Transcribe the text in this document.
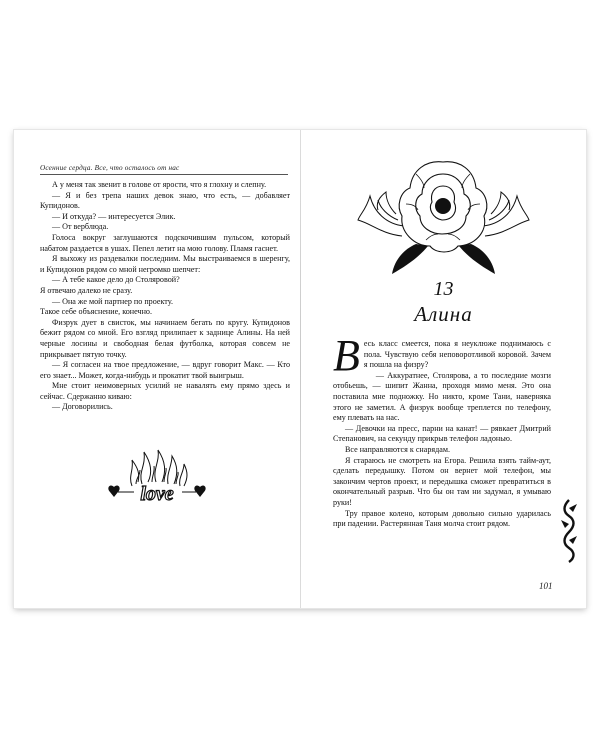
Осенние сердца. Все, что осталось от нас

А у меня так звенит в голове от ярости, что я глохну и слепну.

— Я и без трепа наших девок знаю, что есть, — добавляет Купидонов.

— И откуда? — интересуется Элик.

— От верблюда.

Голоса вокруг заглушаются подскочившим пульсом, который набатом раздается в ушах. Пепел летит на мою голову. Пламя гаснет.

Я выхожу из раздевалки последним. Мы выстраиваемся в шеренгу, и Купидонов рядом со мной негромко шепчет:

— А тебе какое дело до Столяровой?

Я отвечаю далеко не сразу.

— Она же мой партнер по проекту.

Такое себе объяснение, конечно.

Физрук дует в свисток, мы начинаем бегать по кругу. Купидонов бежит рядом со мной. Его взгляд прилипает к заднице Алины. На ней черные лосины и свободная белая футболка, которая совсем не прикрывает пятую точку.

— Я согласен на твое предложение, — вдруг говорит Макс. — Кто его знает... Может, когда-нибудь и прокатит твой выигрыш.

Мне стоит неимоверных усилий не навалять ему прямо здесь и сейчас. Сдержанно киваю:

— Договорились.

love
13
Алина

Весь класс смеется, пока я неуклюже поднимаюсь с пола. Чувствую себя неповоротливой коровой. Зачем я пошла на физру?

— Аккуратнее, Столярова, а то последние мозги отобьешь, — шипит Жанна, проходя мимо меня. Это она поставила мне подножку. Но никто, кроме Тани, наверняка этого не заметил. А физрук вообще треплется по телефону, ему плевать на нас.

— Девочки на пресс, парни на канат! — рявкает Дмитрий Степанович, на секунду прикрыв телефон ладонью.

Все направляются к снарядам.

Я стараюсь не смотреть на Егора. Решила взять тайм-аут, сделать передышку. Потом он вернет мой телефон, мы закончим чертов проект, и передышка сможет превратиться в окончательный разрыв. Что бы он там ни задумал, я умываю руки!

Тру правое колено, которым довольно сильно ударилась при падении. Растерянная Таня молча стоит рядом.

101
